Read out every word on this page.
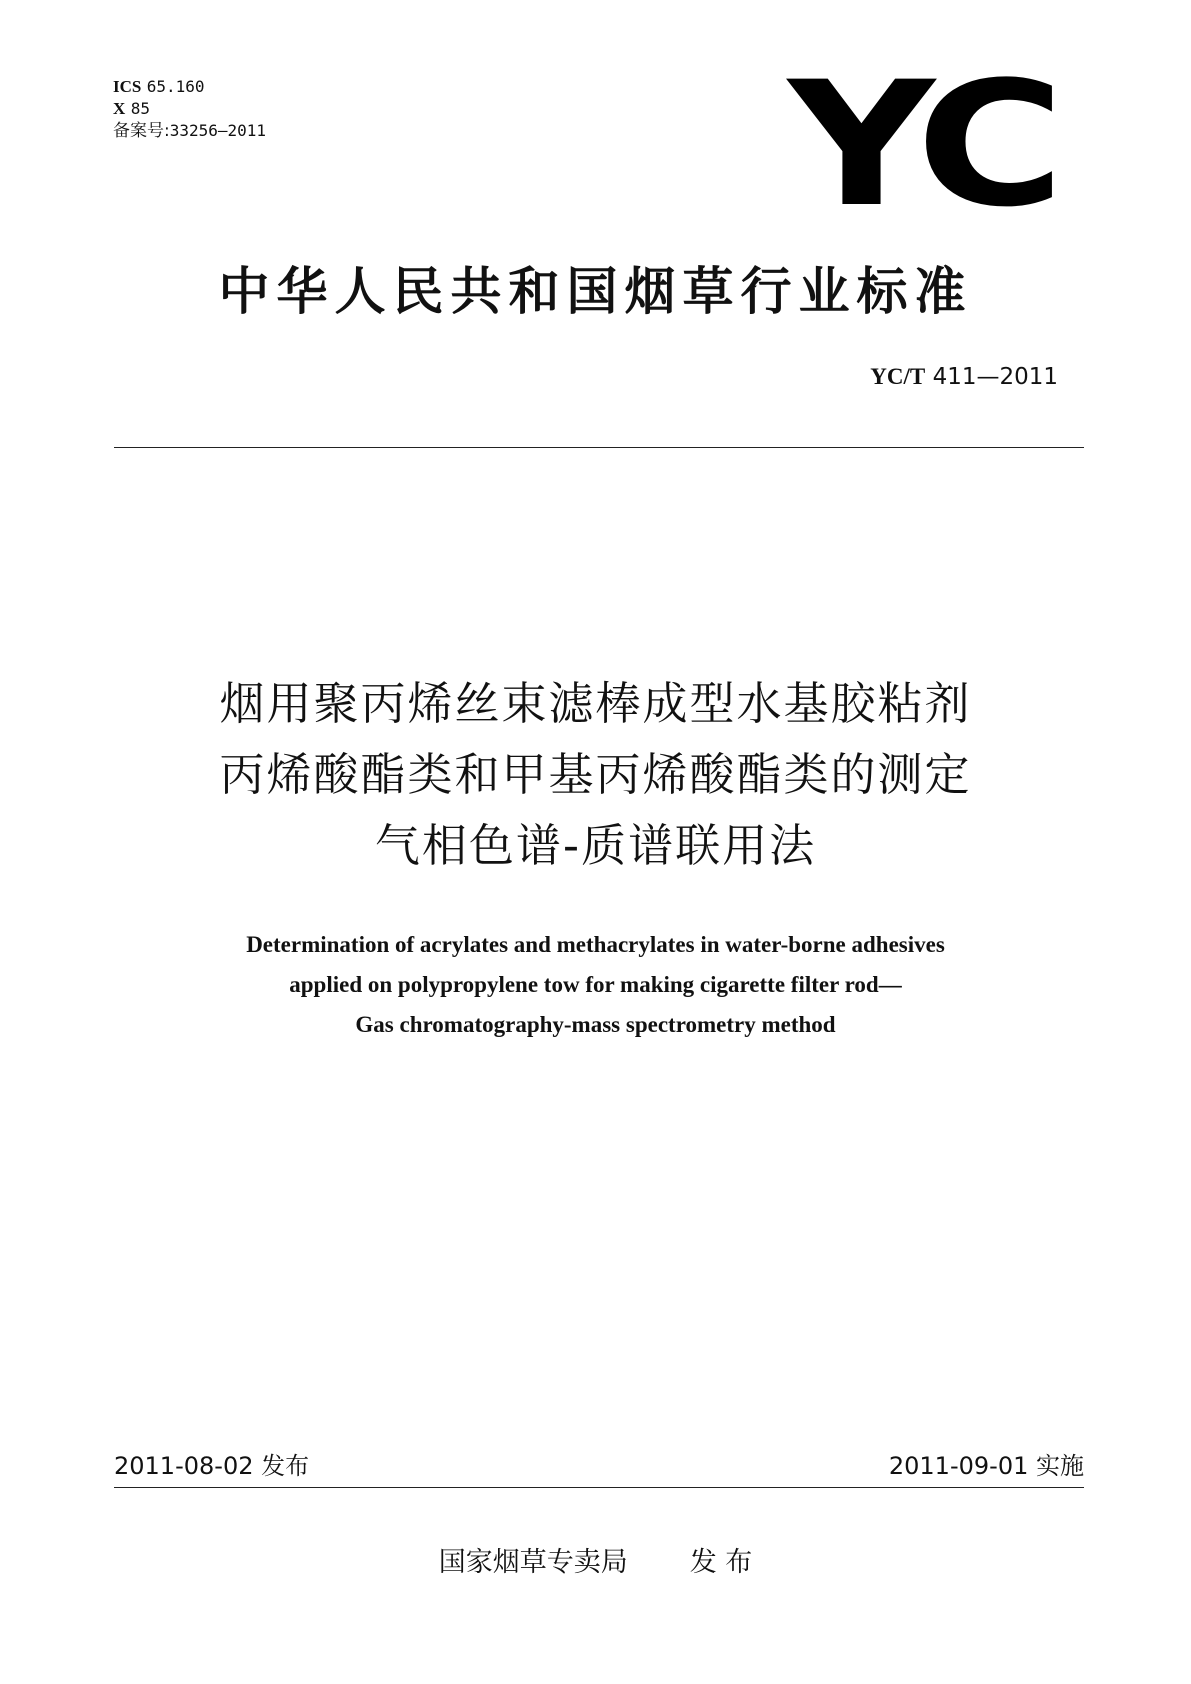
ICS 65.160
X 85
备案号:33256—2011	YC
中华人民共和国烟草行业标准
YC/T 411—2011
烟用聚丙烯丝束滤棒成型水基胶粘剂
丙烯酸酯类和甲基丙烯酸酯类的测定
气相色谱-质谱联用法
Determination of acrylates and methacrylates in water-borne adhesives
applied on polypropylene tow for making cigarette filter rod—
Gas chromatography-mass spectrometry method
2011-08-02 发布	2011-09-01 实施
国家烟草专卖局 发 布
